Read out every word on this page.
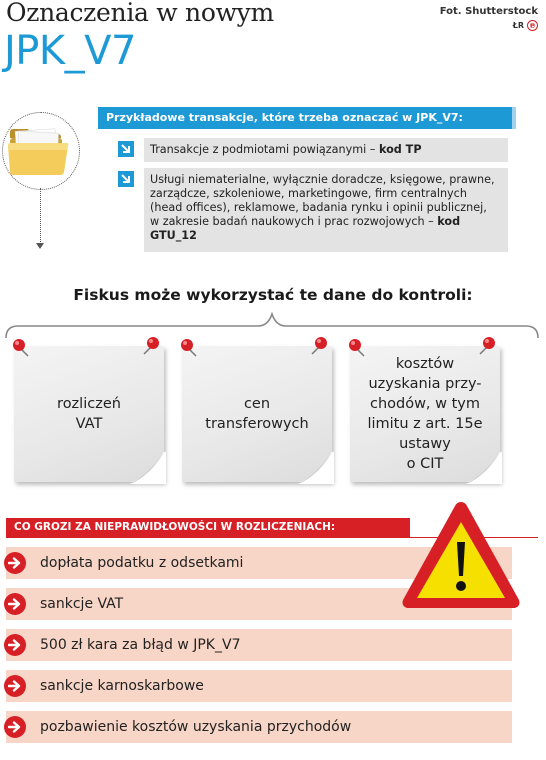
Oznaczenia w nowym
JPK_V7
Fot. Shutterstock
ŁR ℗
Przykładowe transakcje, które trzeba oznaczać w JPK_V7:
Transakcje z podmiotami powiązanymi – kod TP
Usługi niematerialne, wyłącznie doradcze, księgowe, prawne,
zarządcze, szkoleniowe, marketingowe, firm centralnych
(head offices), reklamowe, badania rynku i opinii publicznej,
w zakresie badań naukowych i prac rozwojowych – kod
GTU_12
Fiskus może wykorzystać te dane do kontroli:
rozliczeń
VAT
cen
transferowych
kosztów
uzyskania przy-
chodów, w tym
limitu z art. 15e
ustawy
o CIT
CO GROZI ZA NIEPRAWIDŁOWOŚCI W ROZLICZENIACH:
dopłata podatku z odsetkami
sankcje VAT
500 zł kara za błąd w JPK_V7
sankcje karnoskarbowe
pozbawienie kosztów uzyskania przychodów
